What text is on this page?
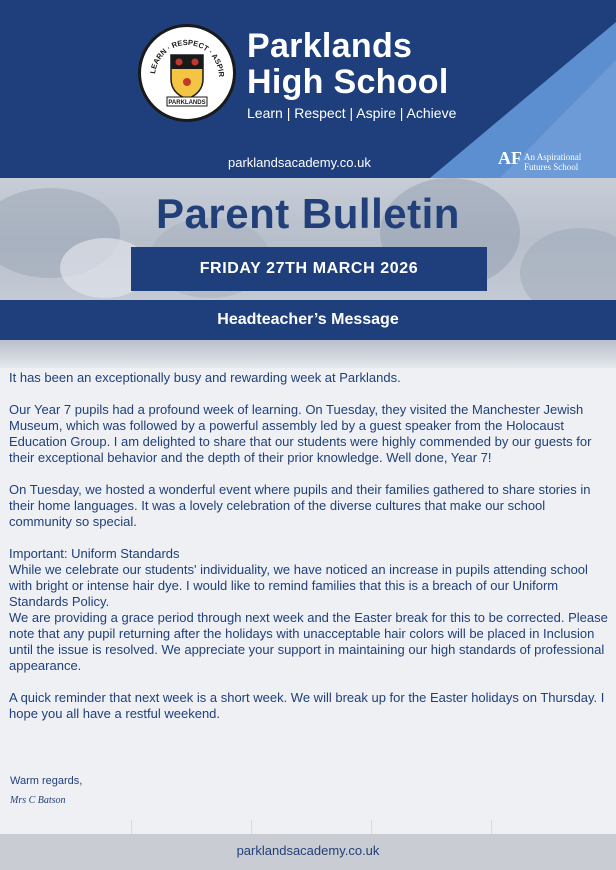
LEARN · RESPECT · ASPIR
PARKLANDS
Parklands
High School
Learn | Respect | Aspire | Achieve
parklandsacademy.co.uk	AF An Aspirational
Futures School
Parent Bulletin
FRIDAY 27TH MARCH 2026
Headteacher’s Message

It has been an exceptionally busy and rewarding week at Parklands.

Our Year 7 pupils had a profound week of learning. On Tuesday, they visited the Manchester Jewish Museum, which was followed by a powerful assembly led by a guest speaker from the Holocaust Education Group. I am delighted to share that our students were highly commended by our guests for their exceptional behavior and the depth of their prior knowledge. Well done, Year 7!

On Tuesday, we hosted a wonderful event where pupils and their families gathered to share stories in their home languages. It was a lovely celebration of the diverse cultures that make our school community so special.

Important: Uniform Standards

While we celebrate our students' individuality, we have noticed an increase in pupils attending school with bright or intense hair dye. I would like to remind families that this is a breach of our Uniform Standards Policy.

We are providing a grace period through next week and the Easter break for this to be corrected. Please note that any pupil returning after the holidays with unacceptable hair colors will be placed in Inclusion until the issue is resolved. We appreciate your support in maintaining our high standards of professional appearance.

A quick reminder that next week is a short week. We will break up for the Easter holidays on Thursday. I hope you all have a restful weekend.

Warm regards,
Mrs C Batson
parklandsacademy.co.uk
